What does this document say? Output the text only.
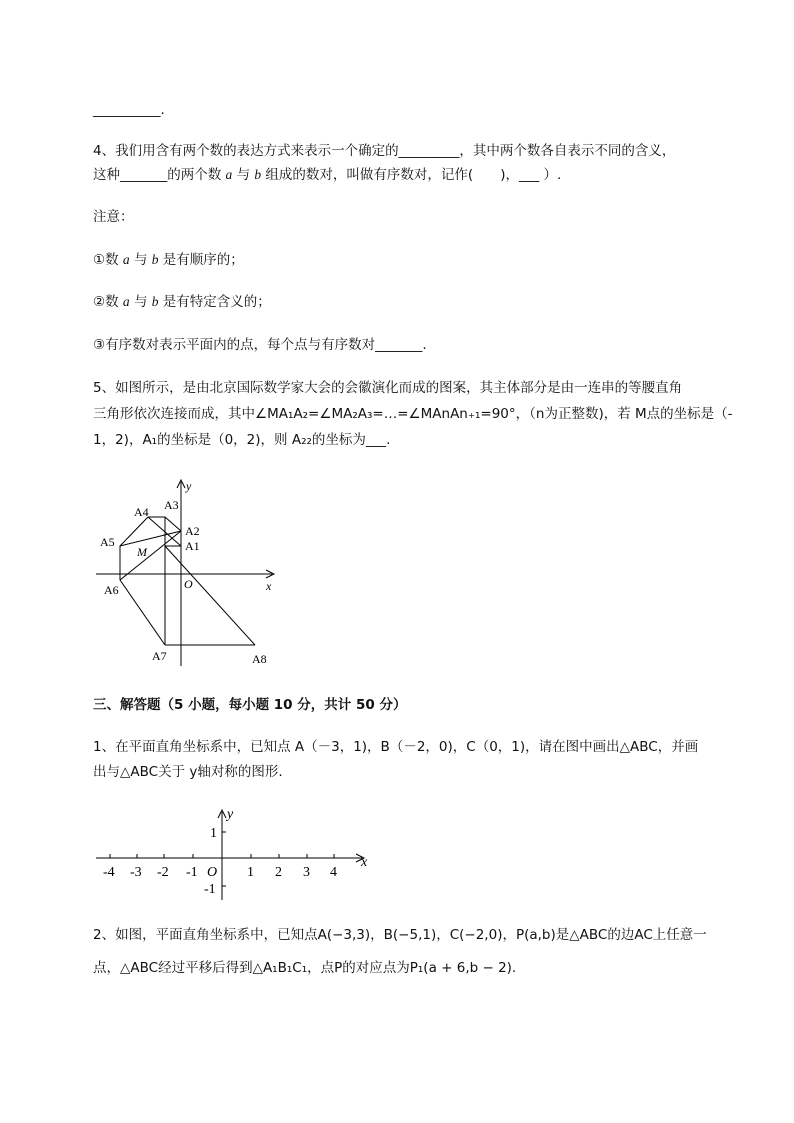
__________.
4、我们用含有两个数的表达方式来表示一个确定的_________，其中两个数各自表示不同的含义，
这种_______的两个数 a 与 b 组成的数对，叫做有序数对，记作(　　)，___ ）.
注意：
①数 a 与 b 是有顺序的；
②数 a 与 b 是有特定含义的；
③有序数对表示平面内的点，每个点与有序数对_______.
5、如图所示，是由北京国际数学家大会的会徽演化而成的图案，其主体部分是由一连串的等腰直角
三角形依次连接而成，其中∠MA₁A₂=∠MA₂A₃=…=∠MAnAn₊₁=90°，（n为正整数)，若 M点的坐标是（-
1，2)，A₁的坐标是（0，2)，则 A₂₂的坐标为___.
A4 A3
A2
A1
A5
M
O	x
y
A6
A7	A8
三、解答题（5 小题，每小题 10 分，共计 50 分）
1、在平面直角坐标系中，已知点 A（－3，1)，B（－2，0)，C（0，1)，请在图中画出△ABC，并画
出与△ABC关于 y轴对称的图形.
-4 -3 -2 -1 O 1 2 3 4
1
-1
x
y
2、如图，平面直角坐标系中，已知点A(−3,3)，B(−5,1)，C(−2,0)，P(a,b)是△ABC的边AC上任意一
点，△ABC经过平移后得到△A₁B₁C₁，点P的对应点为P₁(a + 6,b − 2).
